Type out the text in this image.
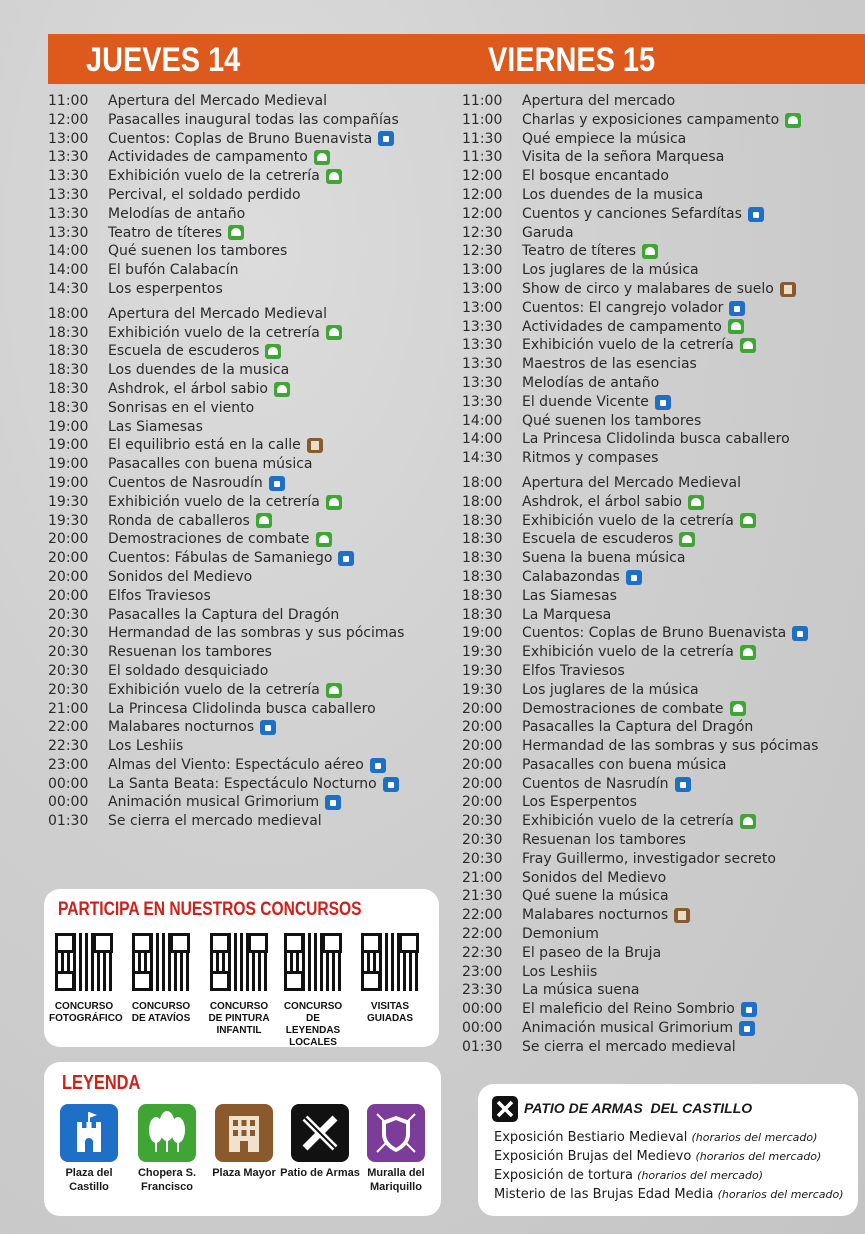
JUEVES 14	VIERNES 15
11:00	Apertura del Mercado Medieval
12:00	Pasacalles inaugural todas las compañías
13:00	Cuentos: Coplas de Bruno Buenavista
13:30	Actividades de campamento
13:30	Exhibición vuelo de la cetrería
13:30	Percival, el soldado perdido
13:30	Melodías de antaño
13:30	Teatro de títeres
14:00	Qué suenen los tambores
14:00	El bufón Calabacín
14:30	Los esperpentos
18:00	Apertura del Mercado Medieval
18:30	Exhibición vuelo de la cetrería
18:30	Escuela de escuderos
18:30	Los duendes de la musica
18:30	Ashdrok, el árbol sabio
18:30	Sonrisas en el viento
19:00	Las Siamesas
19:00	El equilibrio está en la calle
19:00	Pasacalles con buena música
19:00	Cuentos de Nasroudín
19:30	Exhibición vuelo de la cetrería
19:30	Ronda de caballeros
20:00	Demostraciones de combate
20:00	Cuentos: Fábulas de Samaniego
20:00	Sonidos del Medievo
20:00	Elfos Traviesos
20:30	Pasacalles la Captura del Dragón
20:30	Hermandad de las sombras y sus pócimas
20:30	Resuenan los tambores
20:30	El soldado desquiciado
20:30	Exhibición vuelo de la cetrería
21:00	La Princesa Clidolinda busca caballero
22:00	Malabares nocturnos
22:30	Los Leshiis
23:00	Almas del Viento: Espectáculo aéreo
00:00	La Santa Beata: Espectáculo Nocturno
00:00	Animación musical Grimorium
01:30	Se cierra el mercado medieval
11:00	Apertura del mercado
11:00	Charlas y exposiciones campamento
11:30	Qué empiece la música
11:30	Visita de la señora Marquesa
12:00	El bosque encantado
12:00	Los duendes de la musica
12:00	Cuentos y canciones Sefardítas
12:30	Garuda
12:30	Teatro de títeres
13:00	Los juglares de la música
13:00	Show de circo y malabares de suelo
13:00	Cuentos: El cangrejo volador
13:30	Actividades de campamento
13:30	Exhibición vuelo de la cetrería
13:30	Maestros de las esencias
13:30	Melodías de antaño
13:30	El duende Vicente
14:00	Qué suenen los tambores
14:00	La Princesa Clidolinda busca caballero
14:30	Ritmos y compases
18:00	Apertura del Mercado Medieval
18:00	Ashdrok, el árbol sabio
18:30	Exhibición vuelo de la cetrería
18:30	Escuela de escuderos
18:30	Suena la buena música
18:30	Calabazondas
18:30	Las Siamesas
18:30	La Marquesa
19:00	Cuentos: Coplas de Bruno Buenavista
19:30	Exhibición vuelo de la cetrería
19:30	Elfos Traviesos
19:30	Los juglares de la música
20:00	Demostraciones de combate
20:00	Pasacalles la Captura del Dragón
20:00	Hermandad de las sombras y sus pócimas
20:00	Pasacalles con buena música
20:00	Cuentos de Nasrudín
20:00	Los Esperpentos
20:30	Exhibición vuelo de la cetrería
20:30	Resuenan los tambores
20:30	Fray Guillermo, investigador secreto
21:00	Sonidos del Medievo
21:30	Qué suene la música
22:00	Malabares nocturnos
22:00	Demonium
22:30	El paseo de la Bruja
23:00	Los Leshiis
23:30	La música suena
00:00	El maleficio del Reino Sombrio
00:00	Animación musical Grimorium
01:30	Se cierra el mercado medieval
PARTICIPA EN NUESTROS CONCURSOS
CONCURSO FOTOGRÁFICO
CONCURSO DE ATAVÍOS
CONCURSO DE PINTURA INFANTIL
CONCURSO DE LEYENDAS LOCALES
VISITAS GUIADAS
LEYENDA
Plaza del Castillo
Chopera S. Francisco
Plaza Mayor Patio de Armas Muralla del Mariquillo
PATIO DE ARMAS  DEL CASTILLO
Exposición Bestiario Medieval (horarios del mercado)
Exposición Brujas del Medievo (horarios del mercado)
Exposición de tortura (horarios del mercado)
Misterio de las Brujas Edad Media (horarios del mercado)
